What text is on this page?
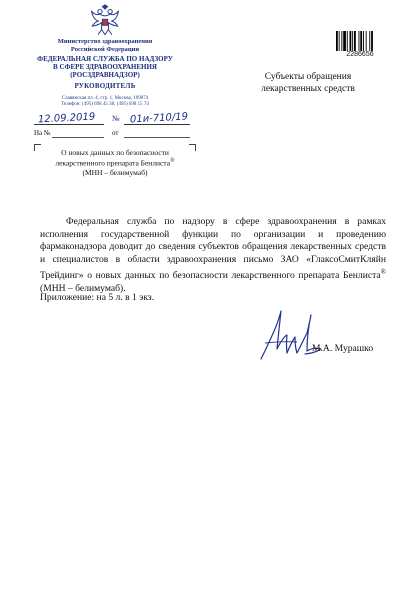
Министерство здравоохранения
Российской Федерации
ФЕДЕРАЛЬНАЯ СЛУЖБА ПО НАДЗОРУ
В СФЕРЕ ЗДРАВООХРАНЕНИЯ
(РОСЗДРАВНАДЗОР)
РУКОВОДИТЕЛЬ
Славянская пл. 4, стр. 1, Москва, 109074
Телефон: (495) 698 45 38; (495) 698 15 74
12.09.2019 № 01и-710/19
На №	от
О новых данных по безопасности
лекарственного препарата Бенлиста®
(МНН – белимумаб)
2286656
Субъекты обращения
лекарственных средств
Федеральная служба по надзору в сфере здравоохранения в рамках исполнения государственной функции по организации и проведению фармаконадзора доводит до сведения субъектов обращения лекарственных средств и специалистов в области здравоохранения письмо ЗАО «ГлаксоСмитКляйн Трейдинг» о новых данных по безопасности лекарственного препарата Бенлиста® (МНН – белимумаб).
Приложение: на 5 л. в 1 экз.
М.А. Мурашко
